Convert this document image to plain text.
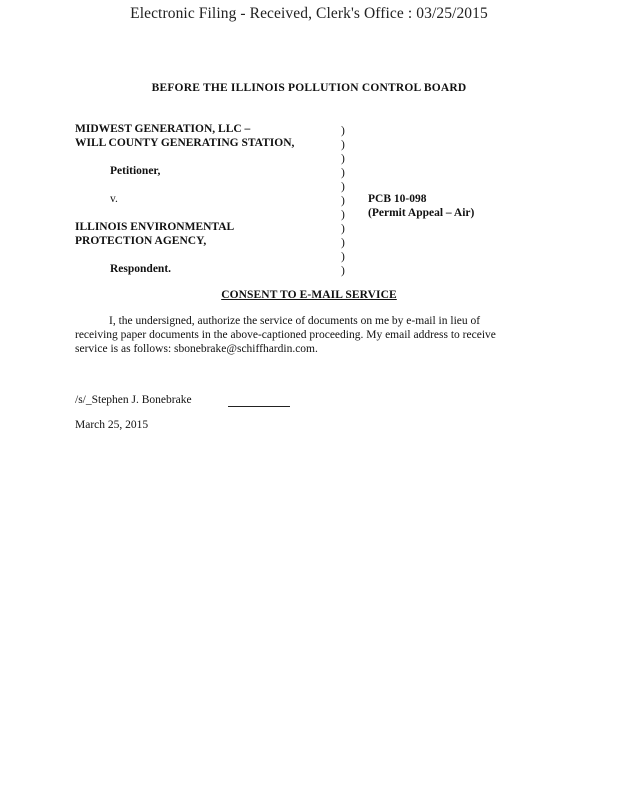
Electronic Filing - Received, Clerk's Office : 03/25/2015
BEFORE THE ILLINOIS POLLUTION CONTROL BOARD
MIDWEST GENERATION, LLC –
WILL COUNTY GENERATING STATION,
Petitioner,
v.
ILLINOIS ENVIRONMENTAL
PROTECTION AGENCY,
Respondent.
PCB 10-098
(Permit Appeal – Air)
)
)
)
)
)
)
)
)
)
)
)
CONSENT TO E-MAIL SERVICE
I, the undersigned, authorize the service of documents on me by e-mail in lieu of receiving paper documents in the above-captioned proceeding. My email address to receive service is as follows: sbonebrake@schiffhardin.com.
/s/_Stephen J. Bonebrake
March 25, 2015
